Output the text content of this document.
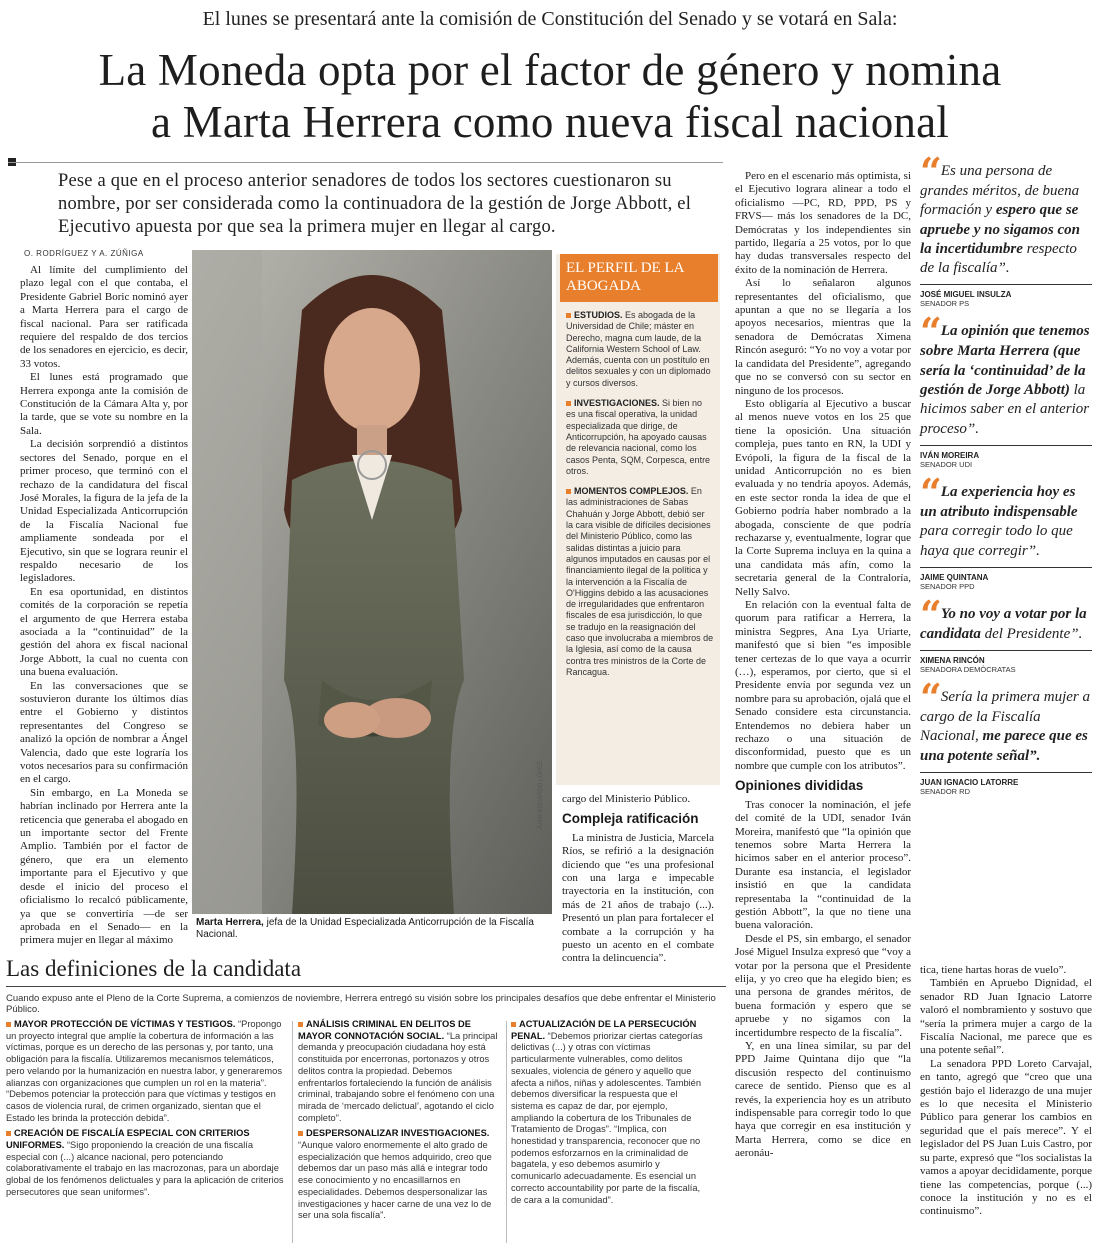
El lunes se presentará ante la comisión de Constitución del Senado y se votará en Sala:
La Moneda opta por el factor de género y nomina
a Marta Herrera como nueva fiscal nacional
Pese a que en el proceso anterior senadores de todos los sectores cuestionaron su nombre, por ser considerada como la continuadora de la gestión de Jorge Abbott, el Ejecutivo apuesta por que sea la primera mujer en llegar al cargo.
O. RODRÍGUEZ Y A. ZÚÑIGA

Al límite del cumplimiento del plazo legal con el que contaba, el Presidente Gabriel Boric nominó ayer a Marta Herrera para el cargo de fiscal nacional. Para ser ratificada requiere del respaldo de dos tercios de los senadores en ejercicio, es decir, 33 votos.

El lunes está programado que Herrera exponga ante la comisión de Constitución de la Cámara Alta y, por la tarde, que se vote su nombre en la Sala.

La decisión sorprendió a distintos sectores del Senado, porque en el primer proceso, que terminó con el rechazo de la candidatura del fiscal José Morales, la figura de la jefa de la Unidad Especializada Anticorrupción de la Fiscalía Nacional fue ampliamente sondeada por el Ejecutivo, sin que se lograra reunir el respaldo necesario de los legisladores.

En esa oportunidad, en distintos comités de la corporación se repetía el argumento de que Herrera estaba asociada a la “continuidad” de la gestión del ahora ex fiscal nacional Jorge Abbott, la cual no cuenta con una buena evaluación.

En las conversaciones que se sostuvieron durante los últimos días entre el Gobierno y distintos representantes del Congreso se analizó la opción de nombrar a Ángel Valencia, dado que este lograría los votos necesarios para su confirmación en el cargo.

Sin embargo, en La Moneda se habrían inclinado por Herrera ante la reticencia que generaba el abogado en un importante sector del Frente Amplio. También por el factor de género, que era un elemento importante para el Ejecutivo y que desde el inicio del proceso el oficialismo lo recalcó públicamente, ya que se convertiría —de ser aprobada en el Senado— en la primera mujer en llegar al máximo

JUAN EDUARDO LÓPEZ
Marta Herrera, jefa de la Unidad Especializada Anticorrupción de la Fiscalía Nacional.
EL PERFIL DE LA ABOGADA
ESTUDIOS. Es abogada de la Universidad de Chile; máster en Derecho, magna cum laude, de la California Western School of Law. Además, cuenta con un postítulo en delitos sexuales y con un diplomado y cursos diversos.
INVESTIGACIONES. Si bien no es una fiscal operativa, la unidad especializada que dirige, de Anticorrupción, ha apoyado causas de relevancia nacional, como los casos Penta, SQM, Corpesca, entre otros.
MOMENTOS COMPLEJOS. En las administraciones de Sabas Chahuán y Jorge Abbott, debió ser la cara visible de difíciles decisiones del Ministerio Público, como las salidas distintas a juicio para algunos imputados en causas por el financiamiento ilegal de la política y la intervención a la Fiscalía de O'Higgins debido a las acusaciones de irregularidades que enfrentaron fiscales de esa jurisdicción, lo que se tradujo en la reasignación del caso que involucraba a miembros de la Iglesia, así como de la causa contra tres ministros de la Corte de Rancagua.
cargo del Ministerio Público.
Compleja ratificación

La ministra de Justicia, Marcela Ríos, se refirió a la designación diciendo que “es una profesional con una larga e impecable trayectoria en la institución, con más de 21 años de trabajo (...). Presentó un plan para fortalecer el combate a la corrupción y ha puesto un acento en el combate contra la delincuencia”.

Pero en el escenario más optimista, si el Ejecutivo lograra alinear a todo el oficialismo —PC, RD, PPD, PS y FRVS— más los senadores de la DC, Demócratas y los independientes sin partido, llegaría a 25 votos, por lo que hay dudas transversales respecto del éxito de la nominación de Herrera.

Así lo señalaron algunos representantes del oficialismo, que apuntan a que no se llegaría a los apoyos necesarios, mientras que la senadora de Demócratas Ximena Rincón aseguró: “Yo no voy a votar por la candidata del Presidente”, agregando que no se conversó con su sector en ninguno de los procesos.

Esto obligaría al Ejecutivo a buscar al menos nueve votos en los 25 que tiene la oposición. Una situación compleja, pues tanto en RN, la UDI y Evópoli, la figura de la fiscal de la unidad Anticorrupción no es bien evaluada y no tendría apoyos. Además, en este sector ronda la idea de que el Gobierno podría haber nombrado a la abogada, consciente de que podría rechazarse y, eventualmente, lograr que la Corte Suprema incluya en la quina a una candidata más afín, como la secretaria general de la Contraloría, Nelly Salvo.

En relación con la eventual falta de quorum para ratificar a Herrera, la ministra Segpres, Ana Lya Uriarte, manifestó que si bien “es imposible tener certezas de lo que vaya a ocurrir (…), esperamos, por cierto, que si el Presidente envía por segunda vez un nombre para su aprobación, ojalá que el Senado considere esta circunstancia. Entendemos no debiera haber un rechazo o una situación de disconformidad, puesto que es un nombre que cumple con los atributos”.

Opiniones divididas

Tras conocer la nominación, el jefe del comité de la UDI, senador Iván Moreira, manifestó que “la opinión que tenemos sobre Marta Herrera la hicimos saber en el anterior proceso”. Durante esa instancia, el legislador insistió en que la candidata representaba la “continuidad de la gestión Abbott”, la que no tiene una buena valoración.

Desde el PS, sin embargo, el senador José Miguel Insulza expresó que “voy a votar por la persona que el Presidente elija, y yo creo que ha elegido bien; es una persona de grandes méritos, de buena formación y espero que se apruebe y no sigamos con la incertidumbre respecto de la fiscalía”.

Y, en una línea similar, su par del PPD Jaime Quintana dijo que “la discusión respecto del continuismo carece de sentido. Pienso que es al revés, la experiencia hoy es un atributo indispensable para corregir todo lo que haya que corregir en esa institución y Marta Herrera, como se dice en aeronáu-

“ Es una persona de grandes méritos, de buena formación y espero que se apruebe y no sigamos con la incertidumbre respecto de la fiscalía”.
JOSÉ MIGUEL INSULZA
SENADOR PS
“ La opinión que tenemos sobre Marta Herrera (que sería la ‘continuidad’ de la gestión de Jorge Abbott) la hicimos saber en el anterior proceso”.
IVÁN MOREIRA
SENADOR UDI
“ La experiencia hoy es un atributo indispensable para corregir todo lo que haya que corregir”.
JAIME QUINTANA
SENADOR PPD
“ Yo no voy a votar por la candidata del Presidente”.
XIMENA RINCÓN
SENADORA DEMÓCRATAS
“ Sería la primera mujer a cargo de la Fiscalía Nacional, me parece que es una potente señal”.
JUAN IGNACIO LATORRE
SENADOR RD
tica, tiene hartas horas de vuelo”.

También en Apruebo Dignidad, el senador RD Juan Ignacio Latorre valoró el nombramiento y sostuvo que “sería la primera mujer a cargo de la Fiscalía Nacional, me parece que es una potente señal”.

La senadora PPD Loreto Carvajal, en tanto, agregó que “creo que una gestión bajo el liderazgo de una mujer es lo que necesita el Ministerio Público para generar los cambios en seguridad que el país merece”. Y el legislador del PS Juan Luis Castro, por su parte, expresó que “los socialistas la vamos a apoyar decididamente, porque tiene las competencias, porque (...) conoce la institución y no es el continuismo”.

Las definiciones de la candidata
Cuando expuso ante el Pleno de la Corte Suprema, a comienzos de noviembre, Herrera entregó su visión sobre los principales desafíos que debe enfrentar el Ministerio Público.
MAYOR PROTECCIÓN DE VÍCTIMAS Y TESTIGOS. “Propongo un proyecto integral que amplíe la cobertura de información a las víctimas, porque es un derecho de las personas y, por tanto, una obligación para la fiscalía. Utilizaremos mecanismos telemáticos, pero velando por la humanización en nuestra labor, y generaremos alianzas con organizaciones que cumplen un rol en la materia”. “Debemos potenciar la protección para que víctimas y testigos en casos de violencia rural, de crimen organizado, sientan que el Estado les brinda la protección debida”.
CREACIÓN DE FISCALÍA ESPECIAL CON CRITERIOS UNIFORMES. “Sigo proponiendo la creación de una fiscalía especial con (...) alcance nacional, pero potenciando colaborativamente el trabajo en las macrozonas, para un abordaje global de los fenómenos delictuales y para la aplicación de criterios persecutores que sean uniformes”.
ANÁLISIS CRIMINAL EN DELITOS DE MAYOR CONNOTACIÓN SOCIAL. “La principal demanda y preocupación ciudadana hoy está constituida por encerronas, portonazos y otros delitos contra la propiedad. Debemos enfrentarlos fortaleciendo la función de análisis criminal, trabajando sobre el fenómeno con una mirada de ‘mercado delictual’, agotando el ciclo completo”.
DESPERSONALIZAR INVESTIGACIONES. “Aunque valoro enormemente el alto grado de especialización que hemos adquirido, creo que debemos dar un paso más allá e integrar todo ese conocimiento y no encasillarnos en especialidades. Debemos despersonalizar las investigaciones y hacer carne de una vez lo de ser una sola fiscalía”.
ACTUALIZACIÓN DE LA PERSECUCIÓN PENAL. “Debemos priorizar ciertas categorías delictivas (...) y otras con víctimas particularmente vulnerables, como delitos sexuales, violencia de género y aquello que afecta a niños, niñas y adolescentes. También debemos diversificar la respuesta que el sistema es capaz de dar, por ejemplo, ampliando la cobertura de los Tribunales de Tratamiento de Drogas”. “Implica, con honestidad y transparencia, reconocer que no podemos esforzarnos en la criminalidad de bagatela, y eso debemos asumirlo y comunicarlo adecuadamente. Es esencial un correcto accountability por parte de la fiscalía, de cara a la comunidad”.
